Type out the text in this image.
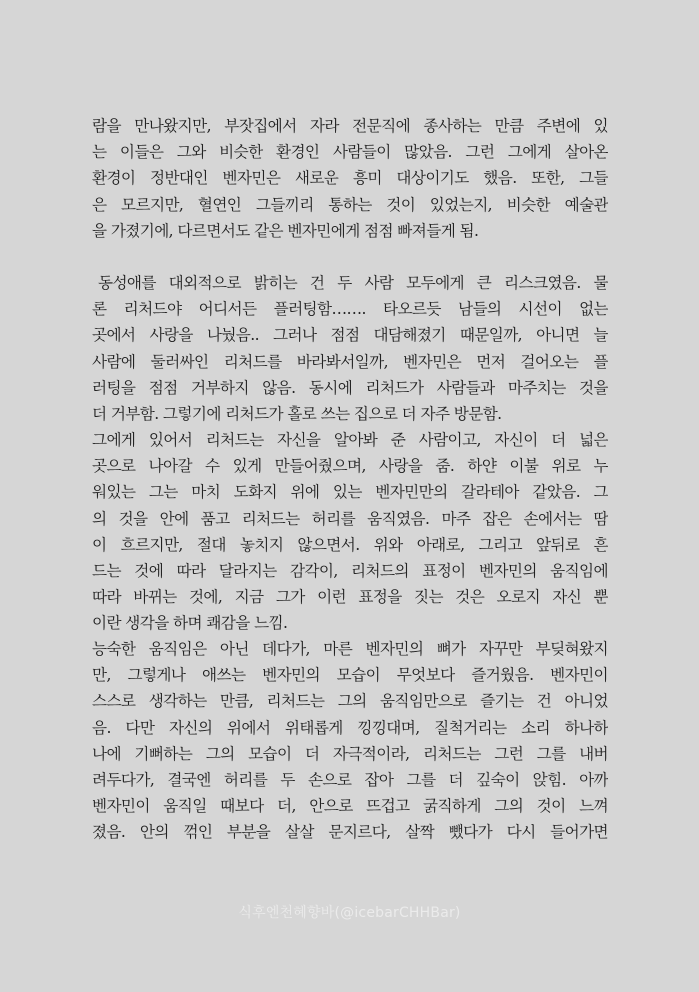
람을 만나왔지만, 부잣집에서 자라 전문직에 종사하는 만큼 주변에 있
는 이들은 그와 비슷한 환경인 사람들이 많았음. 그런 그에게 살아온
환경이 정반대인 벤자민은 새로운 흥미 대상이기도 했음. 또한, 그들
은 모르지만, 혈연인 그들끼리 통하는 것이 있었는지, 비슷한 예술관
을 가졌기에, 다르면서도 같은 벤자민에게 점점 빠져들게 됨.
동성애를 대외적으로 밝히는 건 두 사람 모두에게 큰 리스크였음. 물
론 리처드야 어디서든 플러팅함……. 타오르듯 남들의 시선이 없는
곳에서 사랑을 나눴음.. 그러나 점점 대담해졌기 때문일까, 아니면 늘
사람에 둘러싸인 리처드를 바라봐서일까, 벤자민은 먼저 걸어오는 플
러팅을 점점 거부하지 않음. 동시에 리처드가 사람들과 마주치는 것을
더 거부함. 그렇기에 리처드가 홀로 쓰는 집으로 더 자주 방문함.
그에게 있어서 리처드는 자신을 알아봐 준 사람이고, 자신이 더 넓은
곳으로 나아갈 수 있게 만들어줬으며, 사랑을 줌. 하얀 이불 위로 누
워있는 그는 마치 도화지 위에 있는 벤자민만의 갈라테아 같았음. 그
의 것을 안에 품고 리처드는 허리를 움직였음. 마주 잡은 손에서는 땀
이 흐르지만, 절대 놓치지 않으면서. 위와 아래로, 그리고 앞뒤로 흔
드는 것에 따라 달라지는 감각이, 리처드의 표정이 벤자민의 움직임에
따라 바뀌는 것에, 지금 그가 이런 표정을 짓는 것은 오로지 자신 뿐
이란 생각을 하며 쾌감을 느낌.
능숙한 움직임은 아닌 데다가, 마른 벤자민의 뼈가 자꾸만 부딪혀왔지
만, 그렇게나 애쓰는 벤자민의 모습이 무엇보다 즐거웠음. 벤자민이
스스로 생각하는 만큼, 리처드는 그의 움직임만으로 즐기는 건 아니었
음. 다만 자신의 위에서 위태롭게 낑낑대며, 질척거리는 소리 하나하
나에 기뻐하는 그의 모습이 더 자극적이라, 리처드는 그런 그를 내버
려두다가, 결국엔 허리를 두 손으로 잡아 그를 더 깊숙이 앉힘. 아까
벤자민이 움직일 때보다 더, 안으로 뜨겁고 굵직하게 그의 것이 느껴
졌음. 안의 꺾인 부분을 살살 문지르다, 살짝 뺐다가 다시 들어가면
식후엔천혜향바(@icebarCHHBar)
